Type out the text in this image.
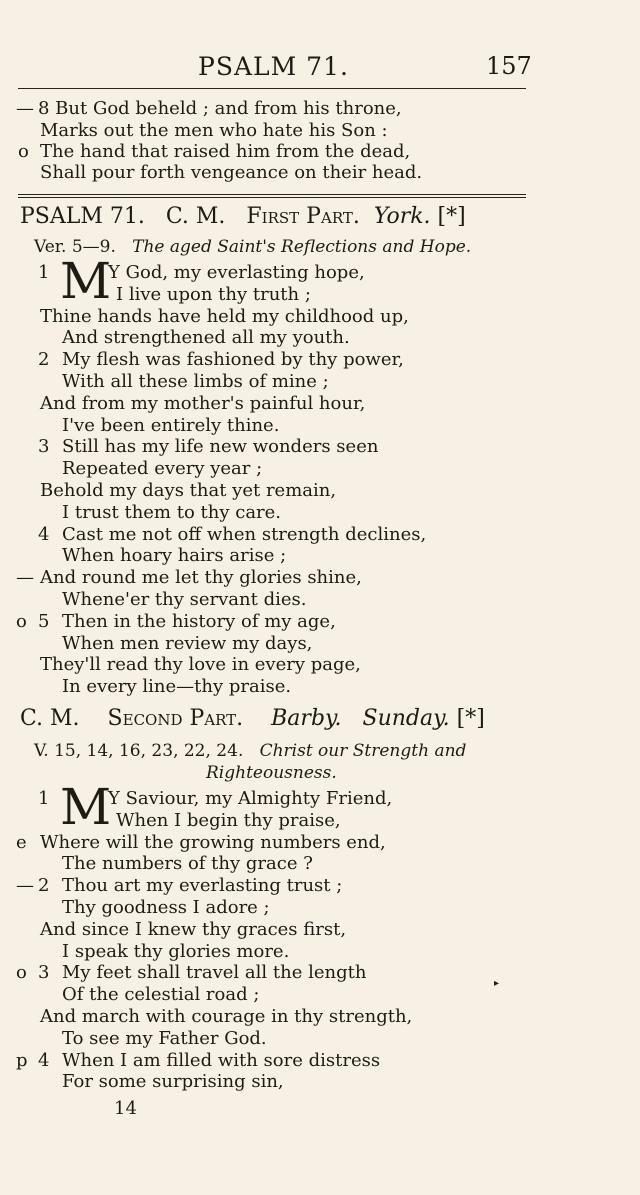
PSALM 71.	157
— 8 But God beheld ; and from his throne,
Marks out the men who hate his Son :
o The hand that raised him from the dead,
Shall pour forth vengeance on their head.
PSALM 71. C. M. First Part. York. [*]
Ver. 5—9. The aged Saint's Reflections and Hope.
M
1	Y God, my everlasting hope,
I live upon thy truth ;
Thine hands have held my childhood up,
And strengthened all my youth.
2 My flesh was fashioned by thy power,
With all these limbs of mine ;
And from my mother's painful hour,
I've been entirely thine.
3 Still has my life new wonders seen
Repeated every year ;
Behold my days that yet remain,
I trust them to thy care.
4 Cast me not off when strength declines,
When hoary hairs arise ;
— And round me let thy glories shine,
Whene'er thy servant dies.
o 5 Then in the history of my age,
When men review my days,
They'll read thy love in every page,
In every line—thy praise.
C. M. Second Part. Barby. Sunday. [*]
V. 15, 14, 16, 23, 22, 24. Christ our Strength and
Righteousness.
M
1	Y Saviour, my Almighty Friend,
When I begin thy praise,
e Where will the growing numbers end,
The numbers of thy grace ?
— 2 Thou art my everlasting trust ;
Thy goodness I adore ;
And since I knew thy graces first,
I speak thy glories more.
o 3 My feet shall travel all the length
Of the celestial road ;
And march with courage in thy strength,
To see my Father God.
p 4 When I am filled with sore distress
For some surprising sin,
▸
14
